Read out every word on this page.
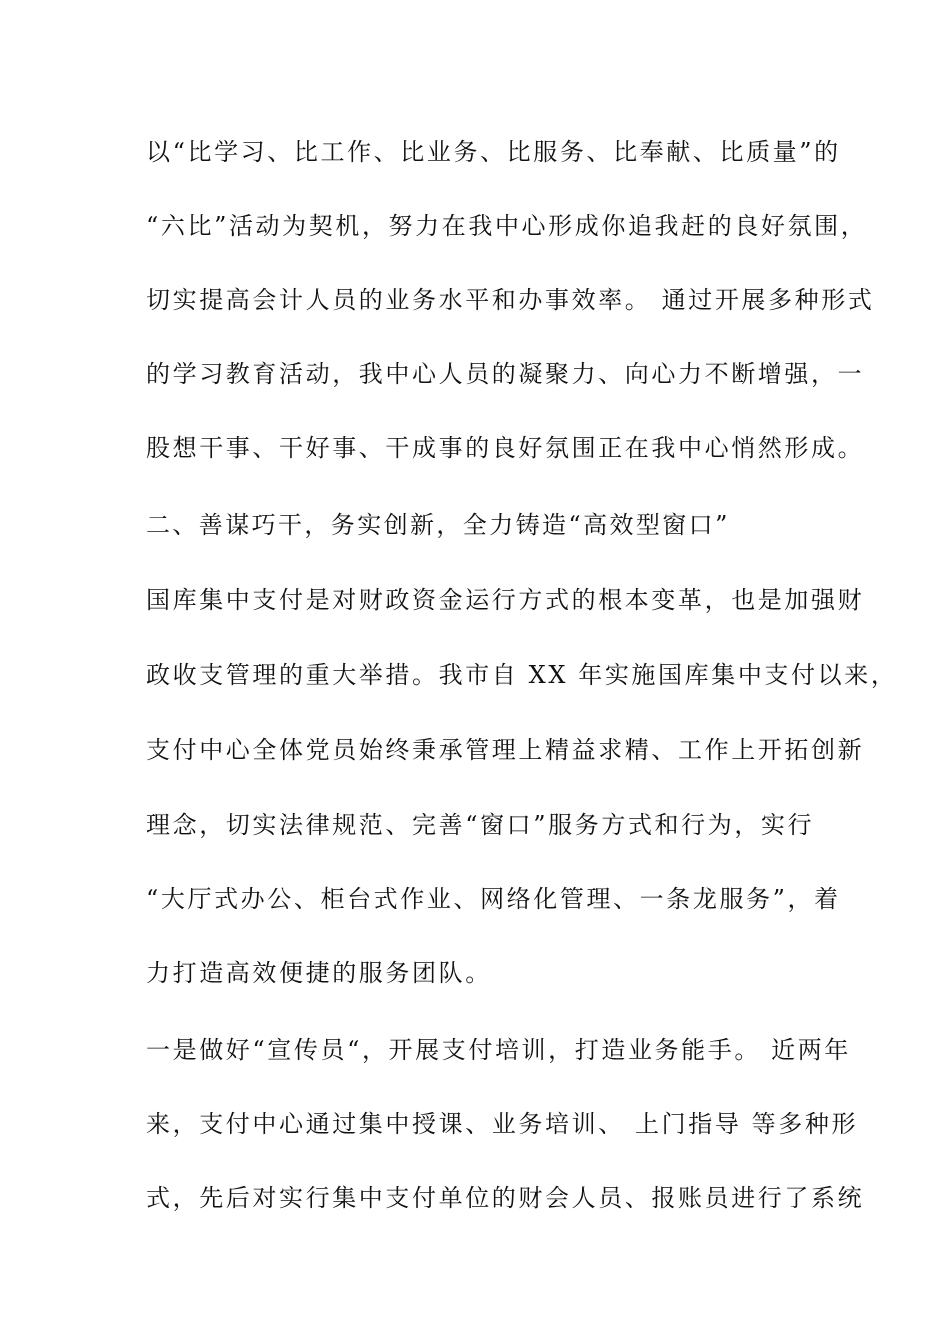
以“比学习、比工作、比业务、比服务、比奉献、比质量”的
“六比”活动为契机，努力在我中心形成你追我赶的良好氛围，
切实提高会计人员的业务水平和办事效率。 通过开展多种形式
的学习教育活动，我中心人员的凝聚力、向心力不断增强，一
股想干事、干好事、干成事的良好氛围正在我中心悄然形成。
二、善谋巧干，务实创新，全力铸造“高效型窗口”
国库集中支付是对财政资金运行方式的根本变革，也是加强财
政收支管理的重大举措。我市自 XX 年实施国库集中支付以来，
支付中心全体党员始终秉承管理上精益求精、工作上开拓创新
理念，切实法律规范、完善“窗口”服务方式和行为，实行
“大厅式办公、柜台式作业、网络化管理、一条龙服务”，着
力打造高效便捷的服务团队。
一是做好“宣传员“，开展支付培训，打造业务能手。 近两年
来，支付中心通过集中授课、业务培训、 上门指导 等多种形
式，先后对实行集中支付单位的财会人员、报账员进行了系统
